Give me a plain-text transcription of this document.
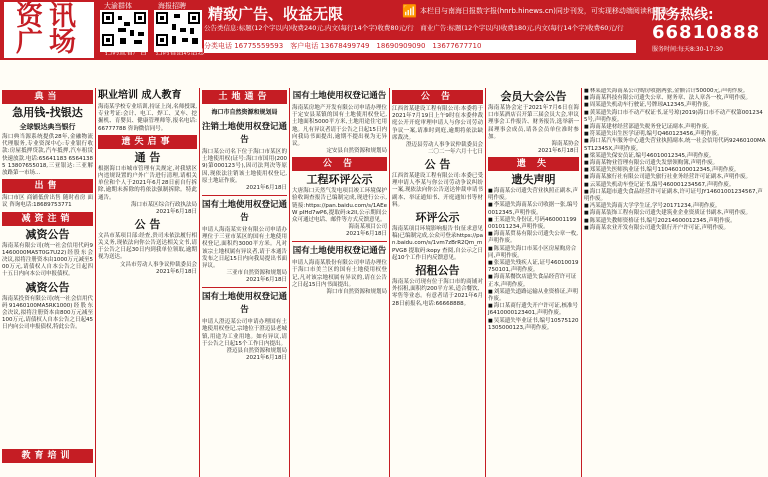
资讯广场
大渝群体	海报招聘
扫码查看广告	扫码看招聘信息
精致广告、收益无限	📶 本栏目与南海日报数字报(hnrb.hinews.cn)同步刊发，可实现移动端阅读和查询
公告类信息:标题(12个字以内)收费240元,内文(每行14个字)收费80元/行　商业广告:标题(12个字以内)收费180元,内文(每行14个字)收费60元/行
分类电话 16775559593　客户电话 13678499749　18690909090　13677677710
服务热线:
66810888
服务时间:每天8:30-17:30
典当
急用钱-找银达
全球银达典当银行
海口典当源系统提供28年,金融物流代理服务,专业资深中心:专业银行收款:房屋抵押贷款,汽车抵押,汽车租赁快速放款.电话:65641183 65641385 13807655018,三亚银达:三亚解放路第一市场...
出售
海口市区 商铺低价出售 随时看房 面议 咨询电话:18689753771
减资注销
减资公告
海南某有限公司(统一社会信用代码91460000MA5T0G7U22)经股东会决议,拟将注册资本由1000万元减至500万元,请债权人自本公告之日起四十五日内向本公司申报债权。
减资公告
海南某投资有限公司(统一社会信用代码91460100MA5RK1000)经股东会决议,拟将注册资本由800万元减至100万元,请债权人自本公告之日起45日内向公司申报债权,特此公告。
教育培训
职业培训 成人教育
海南某学校专业培训,持证上岗,名师授课,专业考证:会计、电工、焊工、叉车、挖掘机、育婴员、健康管理师等,报名电话:66777788 咨询微信同号。
遗失启事
通 告
根据海口市城市管理有关规定,对我辖区内违规设置的户外广告进行清理,请相关单位和个人于2021年6月28日前自行拆除,逾期未拆除的将依法强制拆除。特此通告。
海口市某区综合行政执法局
2021年6月18日
公 告
文昌市某项目部:经查,贵司未依法履行相关义务,现依法向你公告送达相关文书,请于公告之日起30日内到我单位领取,逾期视为送达。
文昌市劳动人事争议仲裁委员会
2021年6月18日
土地通告
海口市自然资源和规划局
注销土地使用权登记通告
海口某公司名下位于海口市某区的土地使用权(证号:海口市国用(2009)第000123号),因司法判决等原因,现依法注销该土地使用权登记,原土地证作废。
2021年6月18日
国有土地使用权登记通告
申请人海南某实业有限公司申请办理位于三亚市某区的国有土地使用权登记,面积约3000平方米。凡对该宗土地权属有异议者,请于本通告发布之日起15日内向我局提出书面异议。
三亚市自然资源和规划局
2021年6月18日
国有土地使用权登记通告
申请人澄迈某公司申请办理国有土地使用权登记,宗地位于澄迈县老城镇,用途为工业用地。如有异议,请于公告之日起15个工作日内提出。
澄迈县自然资源和规划局
2021年6月18日
国有土地使用权登记通告
海南某房地产开发有限公司申请办理位于定安县某镇的国有土地使用权登记,土地面积5000平方米,土地用途住宅用地。凡有异议者请于公告之日起15日内向我局书面提出,逾期不提出视为无异议。
定安县自然资源和规划局
公 告
工程环评公示
大唐海口天然气发电项目竣工环境保护验收调查报告已编制完成,现进行公示,链接:https://pan.baidu.com/s/1AEeW pIHd7wP6,提取码:k2ll,公示期间公众可通过电话、邮件等方式反馈意见。
海南某项目公司
2021年6月18日
国有土地使用权登记通告
申请人海南某股份有限公司申请办理位于海口市美兰区的国有土地使用权登记,凡对该宗地权属有异议的,请在公告之日起15日内书面提出。
海口市自然资源和规划局
公 告
江西省某建设工程有限公司:本委将于2021年7月19日上午9时在本委仲裁庭公开开庭审理申请人与你公司劳动争议一案,请准时到庭,逾期将依法缺席裁决。
澄迈县劳动人事争议仲裁委员会
二〇二一年六月十七日
公 告
江西省某建设工程有限公司:本委已受理申请人李某与你公司劳动争议纠纷一案,现依法向你公告送达仲裁申请书副本、举证通知书、开庭通知书等材料。
环评公示
海南某项目环境影响报告书(征求意见稿)已编制完成,公众可登录https://pan.baidu.com/s/1vm7zBrR2Qm_mPVG8 提取码:kopy 查阅,自公示之日起10个工作日内反馈意见。
招租公告
海南某公司现有位于海口市的商铺对外招租,面积约200平方米,适合餐饮、零售等业态。有意者请于2021年6月28日前报名,电话:66668888。
会员大会公告
海南某协会定于2021年7月6日在海口市某酒店召开第三届会员大会,审议理事会工作报告、财务报告,选举新一届理事会成员,请各会员单位准时参加。
海南某协会
2021年6月18日
遗 失
遗失声明
■ 海南某公司遗失营业执照正副本,声明作废。
■ 李某遗失海南某公司收据一张,编号0012345,声明作废。
■ 王某遗失身份证,号码460001199001011234,声明作废。
■ 海南某贸易有限公司遗失公章一枚,声明作废。
■ 陈某遗失海口市某小区房屋购房合同,声明作废。
■ 张某遗失残疾人证,证号46010019750101,声明作废。
■ 海南某餐饮店遗失食品经营许可证正本,声明作废。
■ 刘某遗失道路运输从业资格证,声明作废。
■ 海口某商行遗失开户许可证,核准号J6410000123401,声明作废。
■ 吴某遗失毕业证书,编号105751201305000123,声明作废。
■ 林某遗失海南某公司购房收据两张,金额合计50000元,声明作废。
■ 海南某科技有限公司遗失公章、财务章、法人章各一枚,声明作废。
■ 周某遗失机动车行驶证,号牌琼A12345,声明作废。
■ 黄某遗失海口市不动产权证书,证号琼(2019)海口市不动产权第0012345号,声明作废。
■ 海南某建材经营部遗失税务登记证副本,声明作废。
■ 符某遗失出生医学证明,编号Q460123456,声明作废。
■ 海口某汽车服务中心遗失营业执照副本,统一社会信用代码92460100MA5T12345X,声明作废。
■ 梁某遗失保安员证,编号46010012345,声明作废。
■ 海南某物业管理有限公司遗失发票领购簿,声明作废。
■ 郑某遗失医师执业证书,编号110460100012345,声明作废。
■ 海南某旅行社有限公司遗失旅行社业务经营许可证副本,声明作废。
■ 云某遗失机动车登记证书,编号460001234567,声明作废。
■ 海口某超市遗失食品经营许可证副本,许可证号JY14601001234567,声明作废。
■ 冯某遗失海南大学学生证,学号20171234,声明作废。
■ 海南某装饰工程有限公司遗失建筑业企业资质证书副本,声明作废。
■ 陈某遗失教师资格证书,编号20214600012345,声明作废。
■ 海南某农业开发有限公司遗失银行开户许可证,声明作废。
